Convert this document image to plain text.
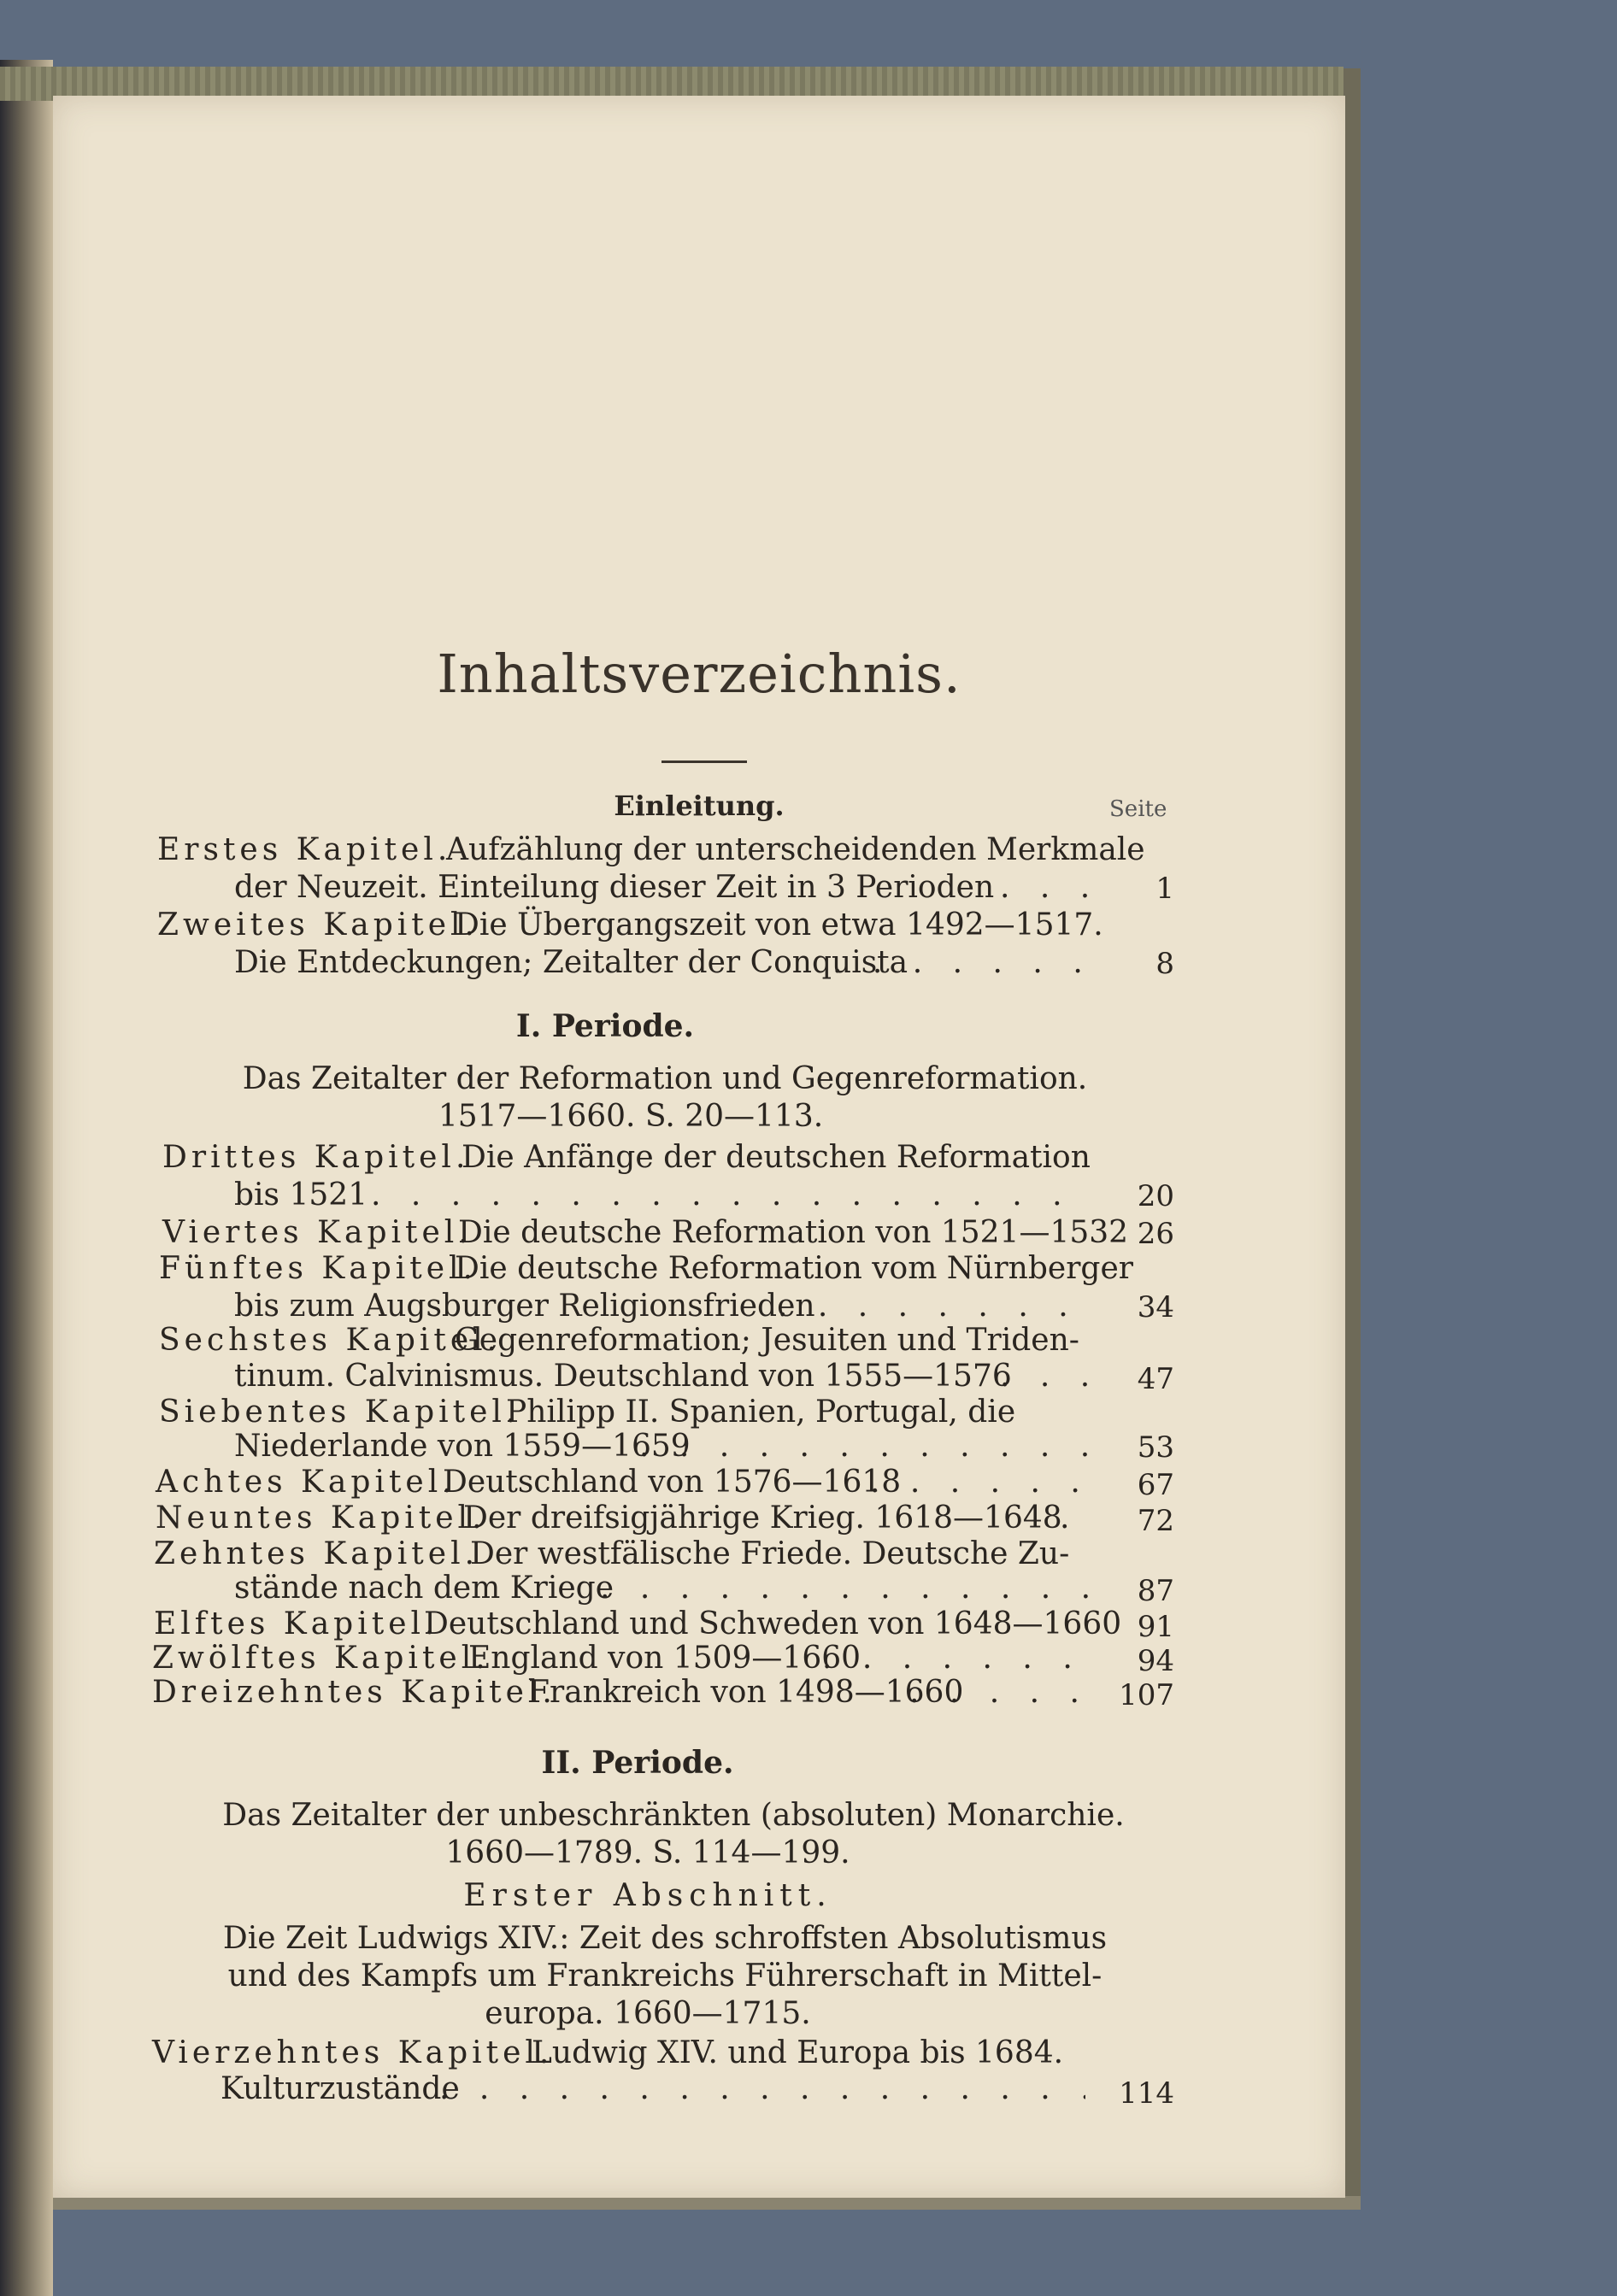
Inhaltsverzeichnis.
Einleitung.	Seite
Erstes Kapitel.
Aufzählung der unterscheidenden Merkmale
der Neuzeit. Einteilung dieser Zeit in 3 Perioden . . .	1
Zweites Kapitel.
Die Übergangszeit von etwa 1492—1517.
Die Entdeckungen; Zeitalter der Conquista . . .	8
I. Periode.
Das Zeitalter der Reformation und Gegenreformation.
1517—1660. S. 20—113.
Drittes Kapitel.
Die Anfänge der deutschen Reformation
bis 1521 . . .	20
Viertes Kapitel.
Die deutsche Reformation von 1521—1532 26
Fünftes Kapitel.
Die deutsche Reformation vom Nürnberger
bis zum Augsburger Religionsfrieden . . .	34
Sechstes Kapitel.
Gegenreformation; Jesuiten und Triden-
tinum. Calvinismus. Deutschland von 1555—1576 . . .	47
Siebentes Kapitel.
Philipp II. Spanien, Portugal, die
Niederlande von 1559—1659 . . .	53
Achtes Kapitel.
Deutschland von 1576—1618 . . .	67
Neuntes Kapitel.
Der dreifsigjährige Krieg. 1618—1648 . . .	72
Zehntes Kapitel.
Der westfälische Friede. Deutsche Zu-
stände nach dem Kriege . . .	87
Elftes Kapitel.
Deutschland und Schweden von 1648—1660 91
Zwölftes Kapitel.
England von 1509—1660 . . .	94
Dreizehntes Kapitel.
Frankreich von 1498—1660 . . .	107
II. Periode.
Das Zeitalter der unbeschränkten (absoluten) Monarchie.
1660—1789. S. 114—199.
Erster Abschnitt.
Die Zeit Ludwigs XIV.: Zeit des schroffsten Absolutismus
und des Kampfs um Frankreichs Führerschaft in Mittel-
europa. 1660—1715.
Vierzehntes Kapitel.
Ludwig XIV. und Europa bis 1684.
Kulturzustände . . .	114
